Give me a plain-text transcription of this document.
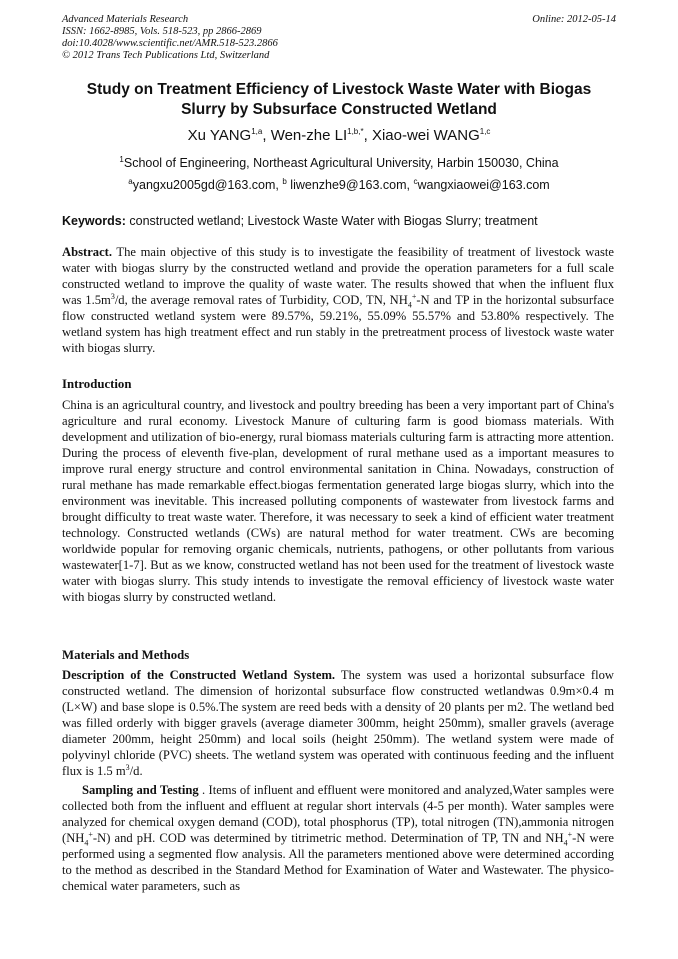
Advanced Materials Research
ISSN: 1662-8985, Vols. 518-523, pp 2866-2869
doi:10.4028/www.scientific.net/AMR.518-523.2866
© 2012 Trans Tech Publications Ltd, Switzerland
Online: 2012-05-14
Study on Treatment Efficiency of Livestock Waste Water with Biogas
Slurry by Subsurface Constructed Wetland
Xu YANG$^{1,a}$, Wen-zhe $LI^{1,b,*}$, Xiao-wei WANG$^{1,c}$
$^1$School of Engineering, Northeast Agricultural University, Harbin 150030, China
$^a$yangxu2005gd@163.com, $^b$ liwenzhe9@163.com, $^c$wangxiaowei@163.com
Keywords: constructed wetland; Livestock Waste Water with Biogas Slurry; treatment
Abstract. The main objective of this study is to investigate the feasibility of treatment of livestock waste water with biogas slurry by the constructed wetland and provide the operation parameters for a full scale constructed wetland to improve the quality of waste water. The results showed that when the influent flux was $1.5m^3/d$, the average removal rates of Turbidity, COD, TN, $NH_4^+-N$ and TP in the horizontal subsurface flow constructed wetland system were 89.57%, 59.21%, 55.09% 55.57% and 53.80% respectively. The wetland system has high treatment effect and run stably in the pretreatment process of livestock waste water with biogas slurry.
Introduction
China is an agricultural country, and livestock and poultry breeding has been a very important part of China's agriculture and rural economy. Livestock Manure of culturing farm is good biomass materials. With development and utilization of bio-energy, rural biomass materials culturing farm is attracting more attention. During the process of eleventh five-plan, development of rural methane used as a important measures to improve rural energy structure and control environmental sanitation in China. Nowadays, construction of rural methane has made remarkable effect.biogas fermentation generated large biogas slurry, which into the environment was inevitable. This increased polluting components of wastewater from livestock farms and brought difficulty to treat waste water. Therefore, it was necessary to seek a kind of efficient water treatment technology. Constructed wetlands (CWs) are natural method for water treatment. CWs are becoming worldwide popular for removing organic chemicals, nutrients, pathogens, or other pollutants from various wastewater[1-7]. But as we know, constructed wetland has not been used for the treatment of livestock waste water with biogas slurry. This study intends to investigate the removal efficiency of livestock waste water with biogas slurry by constructed wetland.
Materials and Methods
Description of the Constructed Wetland System. The system was used a horizontal subsurface flow constructed wetland. The dimension of horizontal subsurface flow constructed wetlandwas 0.9m×0.4 m (L×W) and base slope is 0.5%.The system are reed beds with a density of 20 plants per m2. The wetland bed was filled orderly with bigger gravels (average diameter 300mm, height 250mm), smaller gravels (average diameter 200mm, height 250mm) and local soils (height 250mm). The wetland system were made of polyvinyl chloride (PVC) sheets. The wetland system was operated with continuous feeding and the influent flux is 1.5 $m^3/d$.
Sampling and Testing . Items of influent and effluent were monitored and analyzed,Water samples were collected both from the influent and effluent at regular short intervals (4-5 per month). Water samples were analyzed for chemical oxygen demand (COD), total phosphorus (TP), total nitrogen (TN),ammonia nitrogen $(NH_4^+-N)$ and pH. COD was determined by titrimetric method. Determination of TP, TN and $NH_4^+-N$ were performed using a segmented flow analysis. All the parameters mentioned above were determined according to the method as described in the Standard Method for Examination of Water and Wastewater. The physico-chemical water parameters, such as
